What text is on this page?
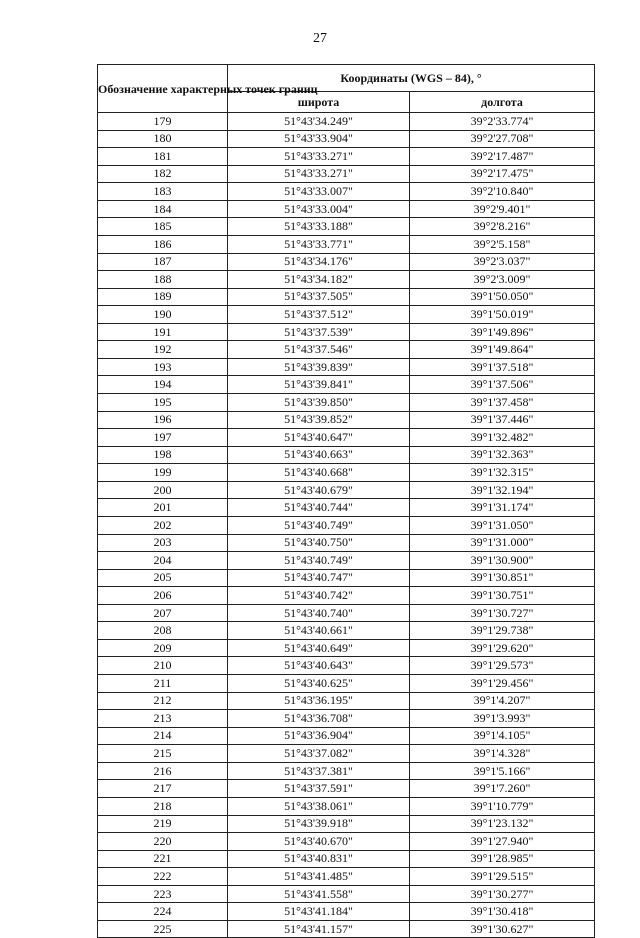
27
Обозначение характерных точек границ	Координаты (WGS – 84), °	
	широта	долгота
179	51°43'34.249"	39°2'33.774"
180	51°43'33.904"	39°2'27.708"
181	51°43'33.271"	39°2'17.487"
182	51°43'33.271"	39°2'17.475"
183	51°43'33.007"	39°2'10.840"
184	51°43'33.004"	39°2'9.401"
185	51°43'33.188"	39°2'8.216"
186	51°43'33.771"	39°2'5.158"
187	51°43'34.176"	39°2'3.037"
188	51°43'34.182"	39°2'3.009"
189	51°43'37.505"	39°1'50.050"
190	51°43'37.512"	39°1'50.019"
191	51°43'37.539"	39°1'49.896"
192	51°43'37.546"	39°1'49.864"
193	51°43'39.839"	39°1'37.518"
194	51°43'39.841"	39°1'37.506"
195	51°43'39.850"	39°1'37.458"
196	51°43'39.852"	39°1'37.446"
197	51°43'40.647"	39°1'32.482"
198	51°43'40.663"	39°1'32.363"
199	51°43'40.668"	39°1'32.315"
200	51°43'40.679"	39°1'32.194"
201	51°43'40.744"	39°1'31.174"
202	51°43'40.749"	39°1'31.050"
203	51°43'40.750"	39°1'31.000"
204	51°43'40.749"	39°1'30.900"
205	51°43'40.747"	39°1'30.851"
206	51°43'40.742"	39°1'30.751"
207	51°43'40.740"	39°1'30.727"
208	51°43'40.661"	39°1'29.738"
209	51°43'40.649"	39°1'29.620"
210	51°43'40.643"	39°1'29.573"
211	51°43'40.625"	39°1'29.456"
212	51°43'36.195"	39°1'4.207"
213	51°43'36.708"	39°1'3.993"
214	51°43'36.904"	39°1'4.105"
215	51°43'37.082"	39°1'4.328"
216	51°43'37.381"	39°1'5.166"
217	51°43'37.591"	39°1'7.260"
218	51°43'38.061"	39°1'10.779"
219	51°43'39.918"	39°1'23.132"
220	51°43'40.670"	39°1'27.940"
221	51°43'40.831"	39°1'28.985"
222	51°43'41.485"	39°1'29.515"
223	51°43'41.558"	39°1'30.277"
224	51°43'41.184"	39°1'30.418"
225	51°43'41.157"	39°1'30.627"
